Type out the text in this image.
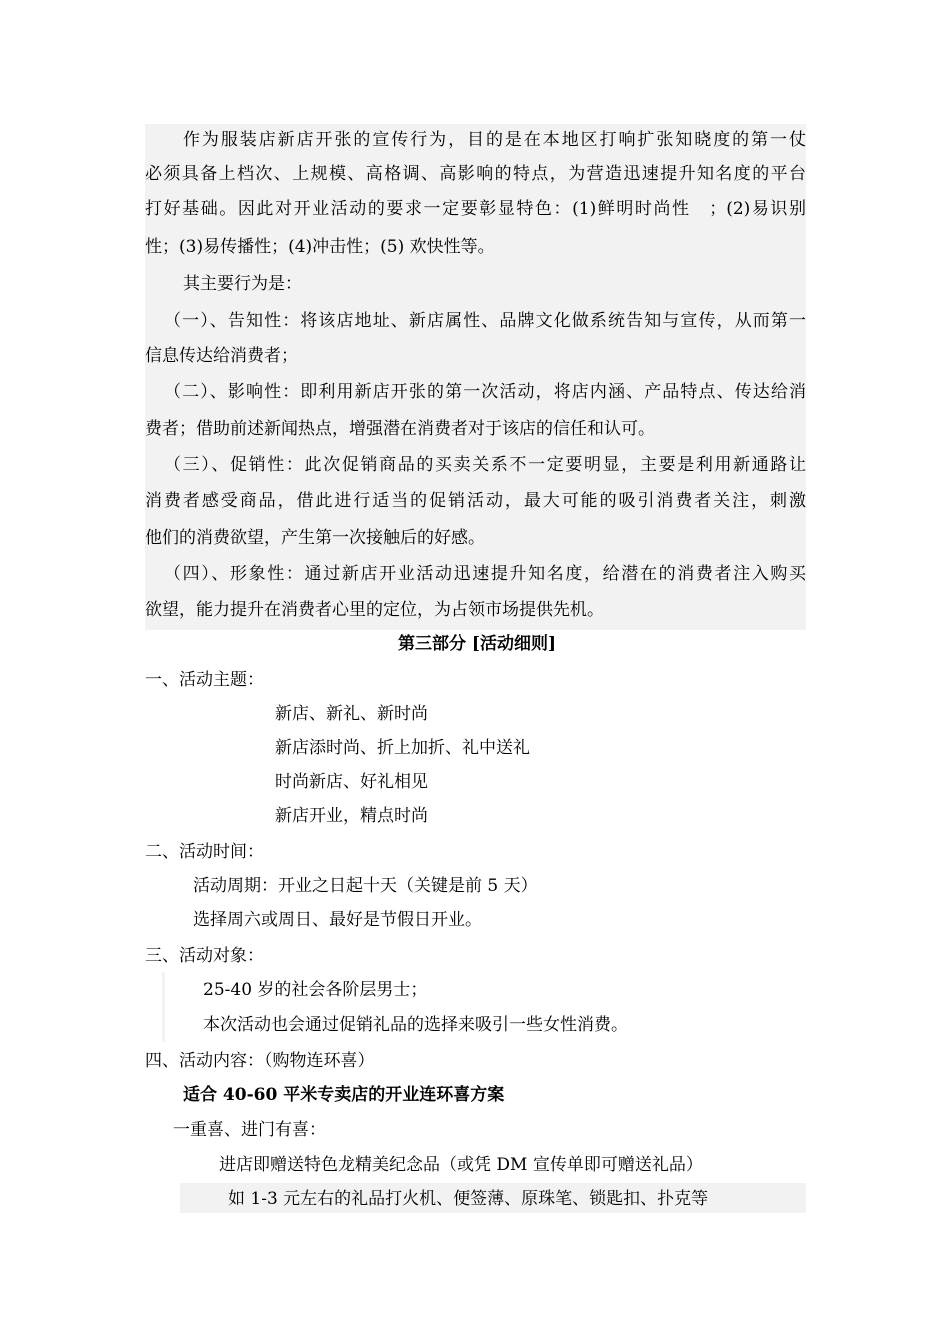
作为服装店新店开张的宣传行为，目的是在本地区打响扩张知晓度的第一仗
必须具备上档次、上规模、高格调、高影响的特点，为营造迅速提升知名度的平台
打好基础。因此对开业活动的要求一定要彰显特色：(1)鲜明时尚性　；(2)易识别
性；(3)易传播性；(4)冲击性；(5) 欢快性等。
其主要行为是：
（一）、告知性：将该店地址、新店属性、品牌文化做系统告知与宣传，从而第一
信息传达给消费者；
（二）、影响性：即利用新店开张的第一次活动，将店内涵、产品特点、传达给消
费者；借助前述新闻热点，增强潜在消费者对于该店的信任和认可。
（三）、促销性：此次促销商品的买卖关系不一定要明显，主要是利用新通路让
消费者感受商品，借此进行适当的促销活动，最大可能的吸引消费者关注，刺激
他们的消费欲望，产生第一次接触后的好感。
（四）、形象性：通过新店开业活动迅速提升知名度，给潜在的消费者注入购买
欲望，能力提升在消费者心里的定位，为占领市场提供先机。
第三部分 [活动细则]
一、活动主题：
新店、新礼、新时尚
新店添时尚、折上加折、礼中送礼
时尚新店、好礼相见
新店开业，精点时尚
二、活动时间：
活动周期：开业之日起十天（关键是前 5 天）
选择周六或周日、最好是节假日开业。
三、活动对象：
25-40 岁的社会各阶层男士；
本次活动也会通过促销礼品的选择来吸引一些女性消费。
四、活动内容：（购物连环喜）
适合 40-60 平米专卖店的开业连环喜方案
一重喜、进门有喜：
进店即赠送特色龙精美纪念品（或凭 DM 宣传单即可赠送礼品）
如 1-3 元左右的礼品打火机、便签薄、原珠笔、锁匙扣、扑克等
